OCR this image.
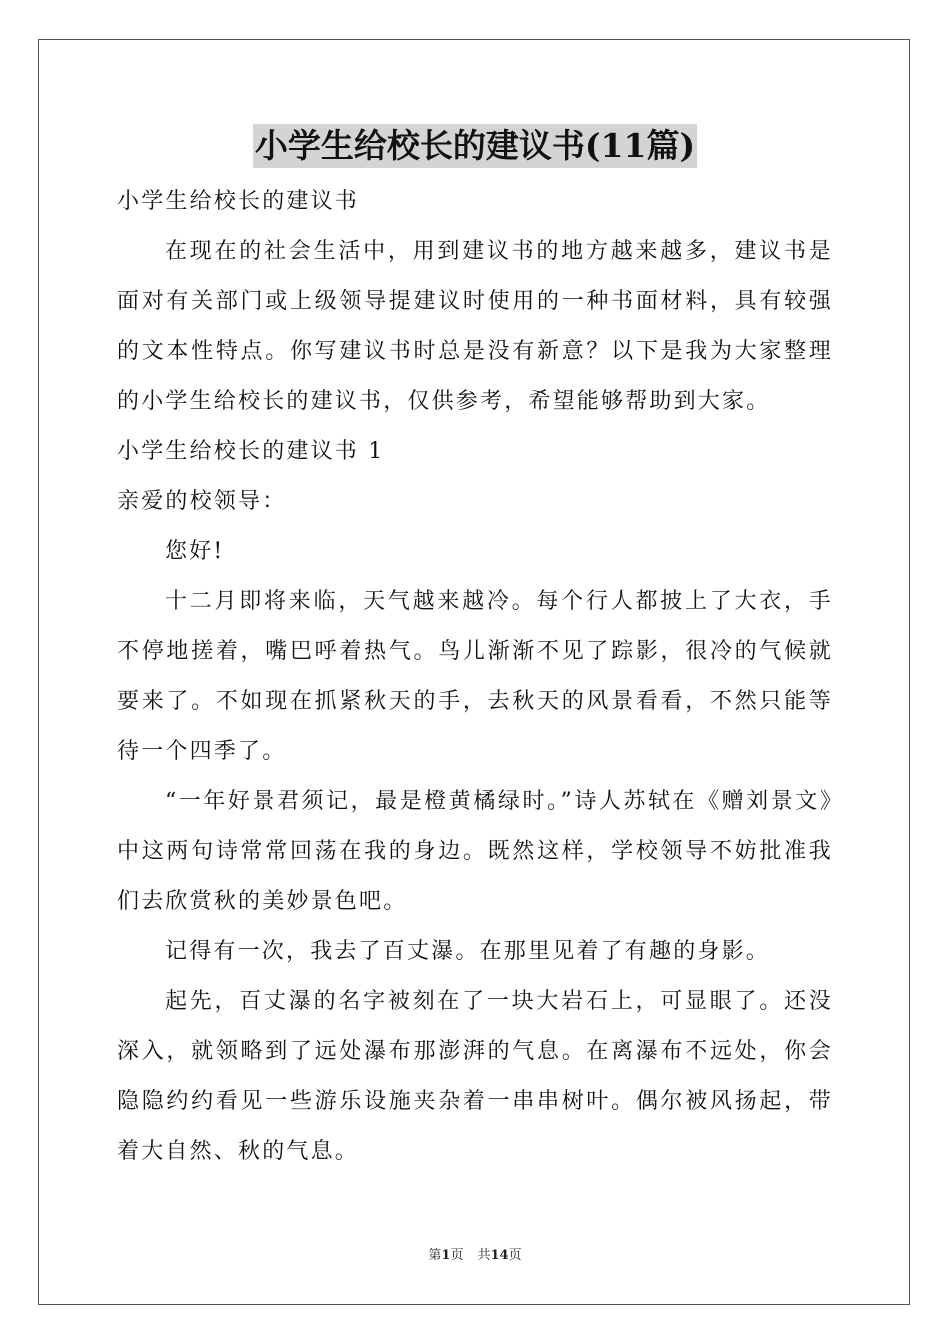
小学生给校长的建议书(11篇)

小学生给校长的建议书

在现在的社会生活中，用到建议书的地方越来越多，建议书是面对有关部门或上级领导提建议时使用的一种书面材料，具有较强的文本性特点。你写建议书时总是没有新意？以下是我为大家整理的小学生给校长的建议书，仅供参考，希望能够帮助到大家。

小学生给校长的建议书 1

亲爱的校领导：

您好!

十二月即将来临，天气越来越冷。每个行人都披上了大衣，手不停地搓着，嘴巴呼着热气。鸟儿渐渐不见了踪影，很冷的气候就要来了。不如现在抓紧秋天的手，去秋天的风景看看，不然只能等待一个四季了。

“一年好景君须记，最是橙黄橘绿时。”诗人苏轼在《赠刘景文》中这两句诗常常回荡在我的身边。既然这样，学校领导不妨批准我们去欣赏秋的美妙景色吧。

记得有一次，我去了百丈瀑。在那里见着了有趣的身影。

起先，百丈瀑的名字被刻在了一块大岩石上，可显眼了。还没深入，就领略到了远处瀑布那澎湃的气息。在离瀑布不远处，你会隐隐约约看见一些游乐设施夹杂着一串串树叶。偶尔被风扬起，带着大自然、秋的气息。

第1页 共14页
